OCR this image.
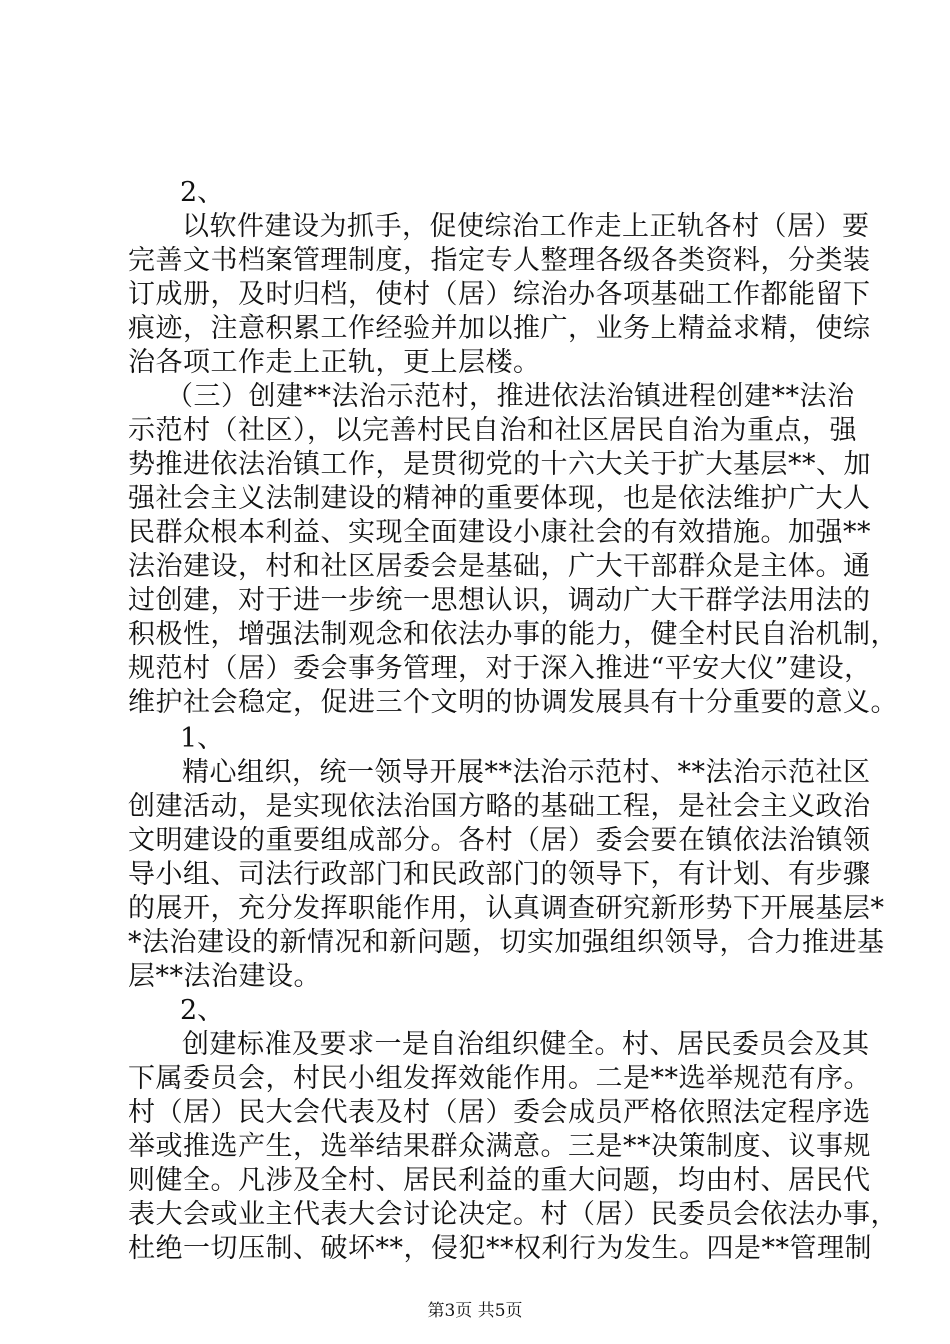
2、
以软件建设为抓手，促使综治工作走上正轨各村（居）要
完善文书档案管理制度，指定专人整理各级各类资料，分类装
订成册，及时归档，使村（居）综治办各项基础工作都能留下
痕迹，注意积累工作经验并加以推广，业务上精益求精，使综
治各项工作走上正轨，更上层楼。
（三）创建**法治示范村，推进依法治镇进程创建**法治
示范村（社区），以完善村民自治和社区居民自治为重点，强
势推进依法治镇工作，是贯彻党的十六大关于扩大基层**、加
强社会主义法制建设的精神的重要体现，也是依法维护广大人
民群众根本利益、实现全面建设小康社会的有效措施。加强**
法治建设，村和社区居委会是基础，广大干部群众是主体。通
过创建，对于进一步统一思想认识，调动广大干群学法用法的
积极性，增强法制观念和依法办事的能力，健全村民自治机制，
规范村（居）委会事务管理，对于深入推进“平安大仪”建设，
维护社会稳定，促进三个文明的协调发展具有十分重要的意义。
1、
精心组织，统一领导开展**法治示范村、**法治示范社区
创建活动，是实现依法治国方略的基础工程，是社会主义政治
文明建设的重要组成部分。各村（居）委会要在镇依法治镇领
导小组、司法行政部门和民政部门的领导下，有计划、有步骤
的展开，充分发挥职能作用，认真调查研究新形势下开展基层*
*法治建设的新情况和新问题，切实加强组织领导，合力推进基
层**法治建设。
2、
创建标准及要求一是自治组织健全。村、居民委员会及其
下属委员会，村民小组发挥效能作用。二是**选举规范有序。
村（居）民大会代表及村（居）委会成员严格依照法定程序选
举或推选产生，选举结果群众满意。三是**决策制度、议事规
则健全。凡涉及全村、居民利益的重大问题，均由村、居民代
表大会或业主代表大会讨论决定。村（居）民委员会依法办事，
杜绝一切压制、破坏**，侵犯**权利行为发生。四是**管理制
第3页 共5页
